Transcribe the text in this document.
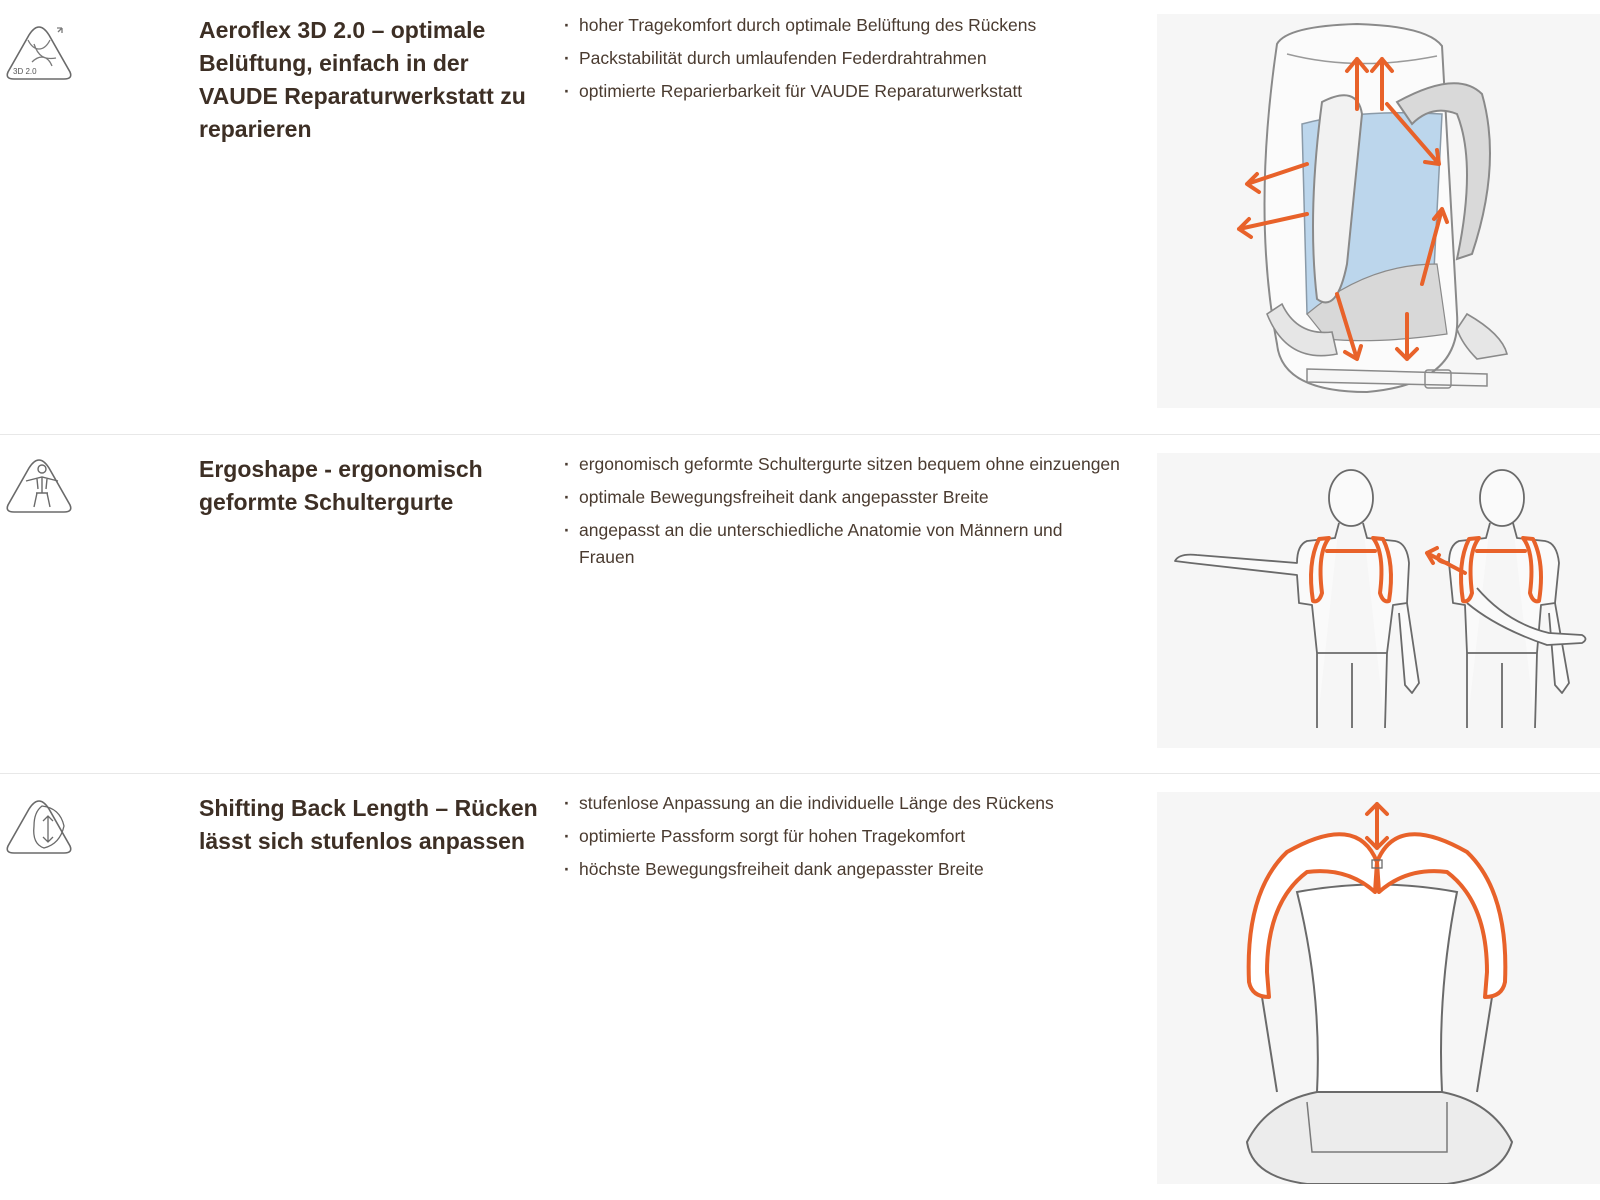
3D 2.0
Aeroflex 3D 2.0 – optimale Belüftung, einfach in der VAUDE Reparaturwerkstatt zu reparieren
· hoher Tragekomfort durch optimale Belüftung des Rückens
· Packstabilität durch umlaufenden Federdrahtrahmen
· optimierte Reparierbarkeit für VAUDE Reparaturwerkstatt
Ergoshape - ergonomisch geformte Schultergurte
· ergonomisch geformte Schultergurte sitzen bequem ohne einzuengen
· optimale Bewegungsfreiheit dank angepasster Breite
· angepasst an die unterschiedliche Anatomie von Männern und Frauen
Shifting Back Length – Rücken lässt sich stufenlos anpassen
· stufenlose Anpassung an die individuelle Länge des Rückens
· optimierte Passform sorgt für hohen Tragekomfort
· höchste Bewegungsfreiheit dank angepasster Breite
